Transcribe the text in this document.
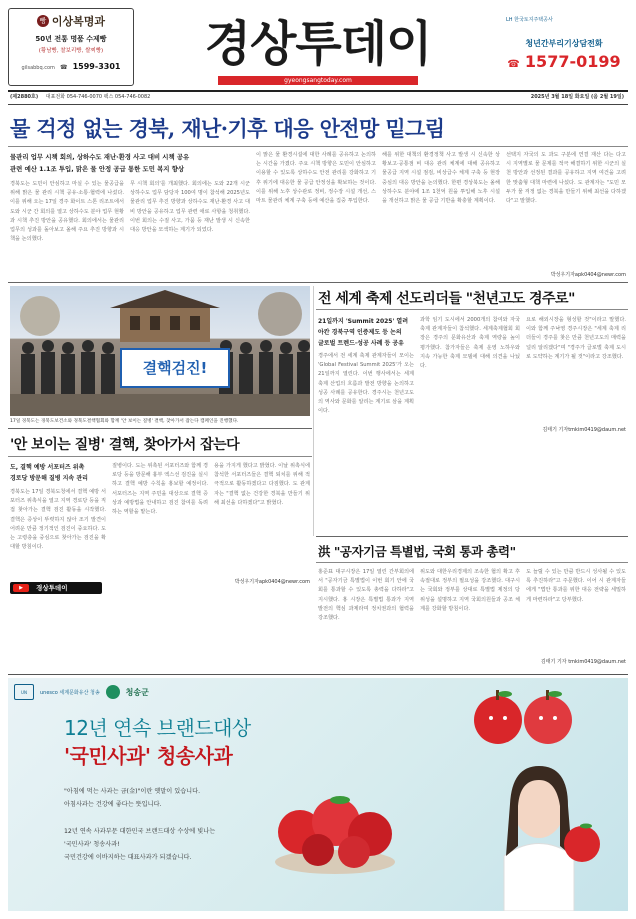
빵 이상복명과
50년 전통 명품 수제빵
(황남빵, 찰보리빵, 쌀찌빵)
gilsabbq.com ☎ 1599-3301	경상투데이
gyeongsangtoday.com
LH 한국토지주택공사
청년간부리기상담전화
☎ 1577-0199
(제2880호) 대표전화 054-746-0070 팩스 054-746-0082	2025년 3월 18일 화요일 (음 2월 19일)
물 걱정 없는 경북, 재난·기후 대응 안전망 밑그림
물관리 업무 시책 회의, 상하수도 재난·환경 사고 대비 시책 공유
관련 예산 1.1조 투입, 맑은 물 안정 공급 통한 도민 복지 향상
경북도는 도민이 안심하고 마실 수 있는 물공급을 위해 맑은 물 관리 시책 공유·소통·협력에 나섰다. 이를 위해 오는 17일 경주 화이트 스톤 리조트에서 도와 시군 간 회의를 열고 상하수도 분야 업무 현황과 시책 추진 방안을 공유했다. 회의에서는 물관리 업무의 성과를 돌아보고 올해 주요 추진 방향과 시책을 논의했다.
무 시책 회의'를 개최했다. 회의에는 도와 22개 시군 상하수도 업무 담당자 100여 명이 참석해 2025년도 물관리 업무 추진 방향과 상하수도 재난·환경 사고 대비 방안을 공유하고 업무 관련 애로 사항을 청취했다. 이번 회의는 수질 사고, 가뭄 등 재난 발생 시 신속한 대응 방안을 모색하는 계기가 되었다.
이 맑은 물 환경시설에 대한 사례를 공유하고 논의하는 시간을 가졌다. 주요 시책 방향은 도민이 안심하고 이용할 수 있도록 상하수도 안전 관리를 강화하고 기후 위기에 대응한 물 공급 안정성을 확보하는 것이다. 이를 위해 노후 상수관로 정비, 정수장 시설 개선, 스마트 물관리 체계 구축 등에 예산을 집중 투입한다.
해를 위한 대책의 환경정책 사고 발생 시 신속한 상황보고·공통점 비 대응 관리 체계에 대해 공유하고 물공급 지역 시설 점검, 비상급수 체계 구축 등 현장 중심의 대응 방안을 논의했다. 한편 경상북도는 올해 상하수도 분야에 1조 1천억 원을 투입해 노후 시설을 개선하고 맑은 물 공급 기반을 확충할 계획이다.
선택지 자국의 도 과도 구분에 연결 재산 다는 다고 시 지역별로 물 문제를 적극 해결하기 위한 시군의 실천 방안과 선정된 결과를 공유하고 지역 여건을 고려한 맞춤형 대책 마련에 나섰다. 도 관계자는 "도민 모두가 물 걱정 없는 경북을 만들기 위해 최선을 다하겠다"고 말했다.
박성우기자apk0404@newr.com
결핵검진!
17일 경북도는 경북도보건소와 경북도결핵협회와 함께 '안 보이는 질병' 결핵, 찾아가서 잡는다 캠페인을 진행했다.
전 세계 축제 선도리더들 "천년고도 경주로"
21일까지 'Summit 2025' 열려
아칸 경북구역 인증제도 등 논의
글로벌 트렌드·성공 사례 등 공유
경주에서 전 세계 축제 관계자들이 모이는 'Global Festival Summit 2025'가 오는 21일까지 열린다. 이번 행사에서는 세계 축제 산업의 흐름과 발전 방향을 논의하고 성공 사례를 공유한다. 경주시는 천년고도의 역사와 문화를 알리는 계기로 삼을 계획이다.
과학 임기 도시에서 2000개의 참여와 자국 축제 관계자들이 참석했다. 세계축제협회 회장은 경주의 문화유산과 축제 역량을 높이 평가했다. 참가자들은 축제 운영 노하우와 지속 가능한 축제 모델에 대해 의견을 나눴다.
요로 해외시장을 형성할 것"이라고 말했다. 이와 함께 주낙영 경주시장은 "세계 축제 리더들이 경주를 찾은 만큼 천년고도의 매력을 널리 알리겠다"며 "경주가 글로벌 축제 도시로 도약하는 계기가 될 것"이라고 강조했다.
김태기 기자tmkim0419@daum.net
'안 보이는 질병' 결핵, 찾아가서 잡는다
도, 결핵 예방 서포터즈 위촉
경로당 방문해 질병 지속 관리
경북도는 17일 경북도청에서 결핵 예방 서포터즈 위촉식을 열고 지역 경로당 등을 직접 찾아가는 결핵 검진 활동을 시작했다. 결핵은 증상이 뚜렷하지 않아 조기 발견이 어려운 만큼 정기적인 검진이 중요하다. 도는 고령층을 중심으로 찾아가는 검진을 확대할 방침이다.
질병이다. 도는 위촉된 서포터즈와 함께 경로당 등을 방문해 흉부 엑스선 검진을 실시하고 결핵 예방 수칙을 홍보할 예정이다. 서포터즈는 지역 주민을 대상으로 결핵 증상과 예방법을 안내하고 검진 참여를 독려하는 역할을 맡는다.
용을 가지게 했다고 밝혔다. 이날 위촉식에 참석한 서포터즈들은 결핵 퇴치를 위해 적극적으로 활동하겠다고 다짐했다. 도 관계자는 "결핵 없는 건강한 경북을 만들기 위해 최선을 다하겠다"고 밝혔다.
박성우기자apk0404@newr.com
▶ $^{경상투데이}$
洪 "공자기금 특별법, 국회 통과 총력"
홍준표 대구시장은 17일 열린 간부회의에서 "공자기금 특별법이 이번 회기 안에 국회를 통과할 수 있도록 총력을 다하라"고 지시했다. 홍 시장은 특별법 통과가 지역 발전의 핵심 과제라며 정치권과의 협력을 강조했다.
위도와 대한우리경제의 조속한 협의 확고 후속절대로 정부의 필요성을 강조했다. 대구시는 국회와 정부를 상대로 특별법 제정의 당위성을 설명하고 지역 국회의원들과 공조 체계를 강화할 방침이다.
도 늘릴 수 있는 만큼 반드시 성사될 수 있도록 추진하라"고 주문했다. 이어 시 관계자들에게 "법안 통과를 위한 대응 전략을 세밀하게 마련하라"고 당부했다.
김태기 기자 tmkim0419@daum.net
UN	unesco 세계문화유산 청송	청송군
12년 연속 브랜드대상
'국민사과' 청송사과
"아침에 먹는 사과는 금(金)"이란 옛말이 있습니다.
아침사과는 건강에 좋다는 뜻입니다.
12년 연속 사과부문 대한민국 브랜드대상 수상에 빛나는
'국민사과' 청송사과!
국민건강에 이바지하는 대표사과가 되겠습니다.
